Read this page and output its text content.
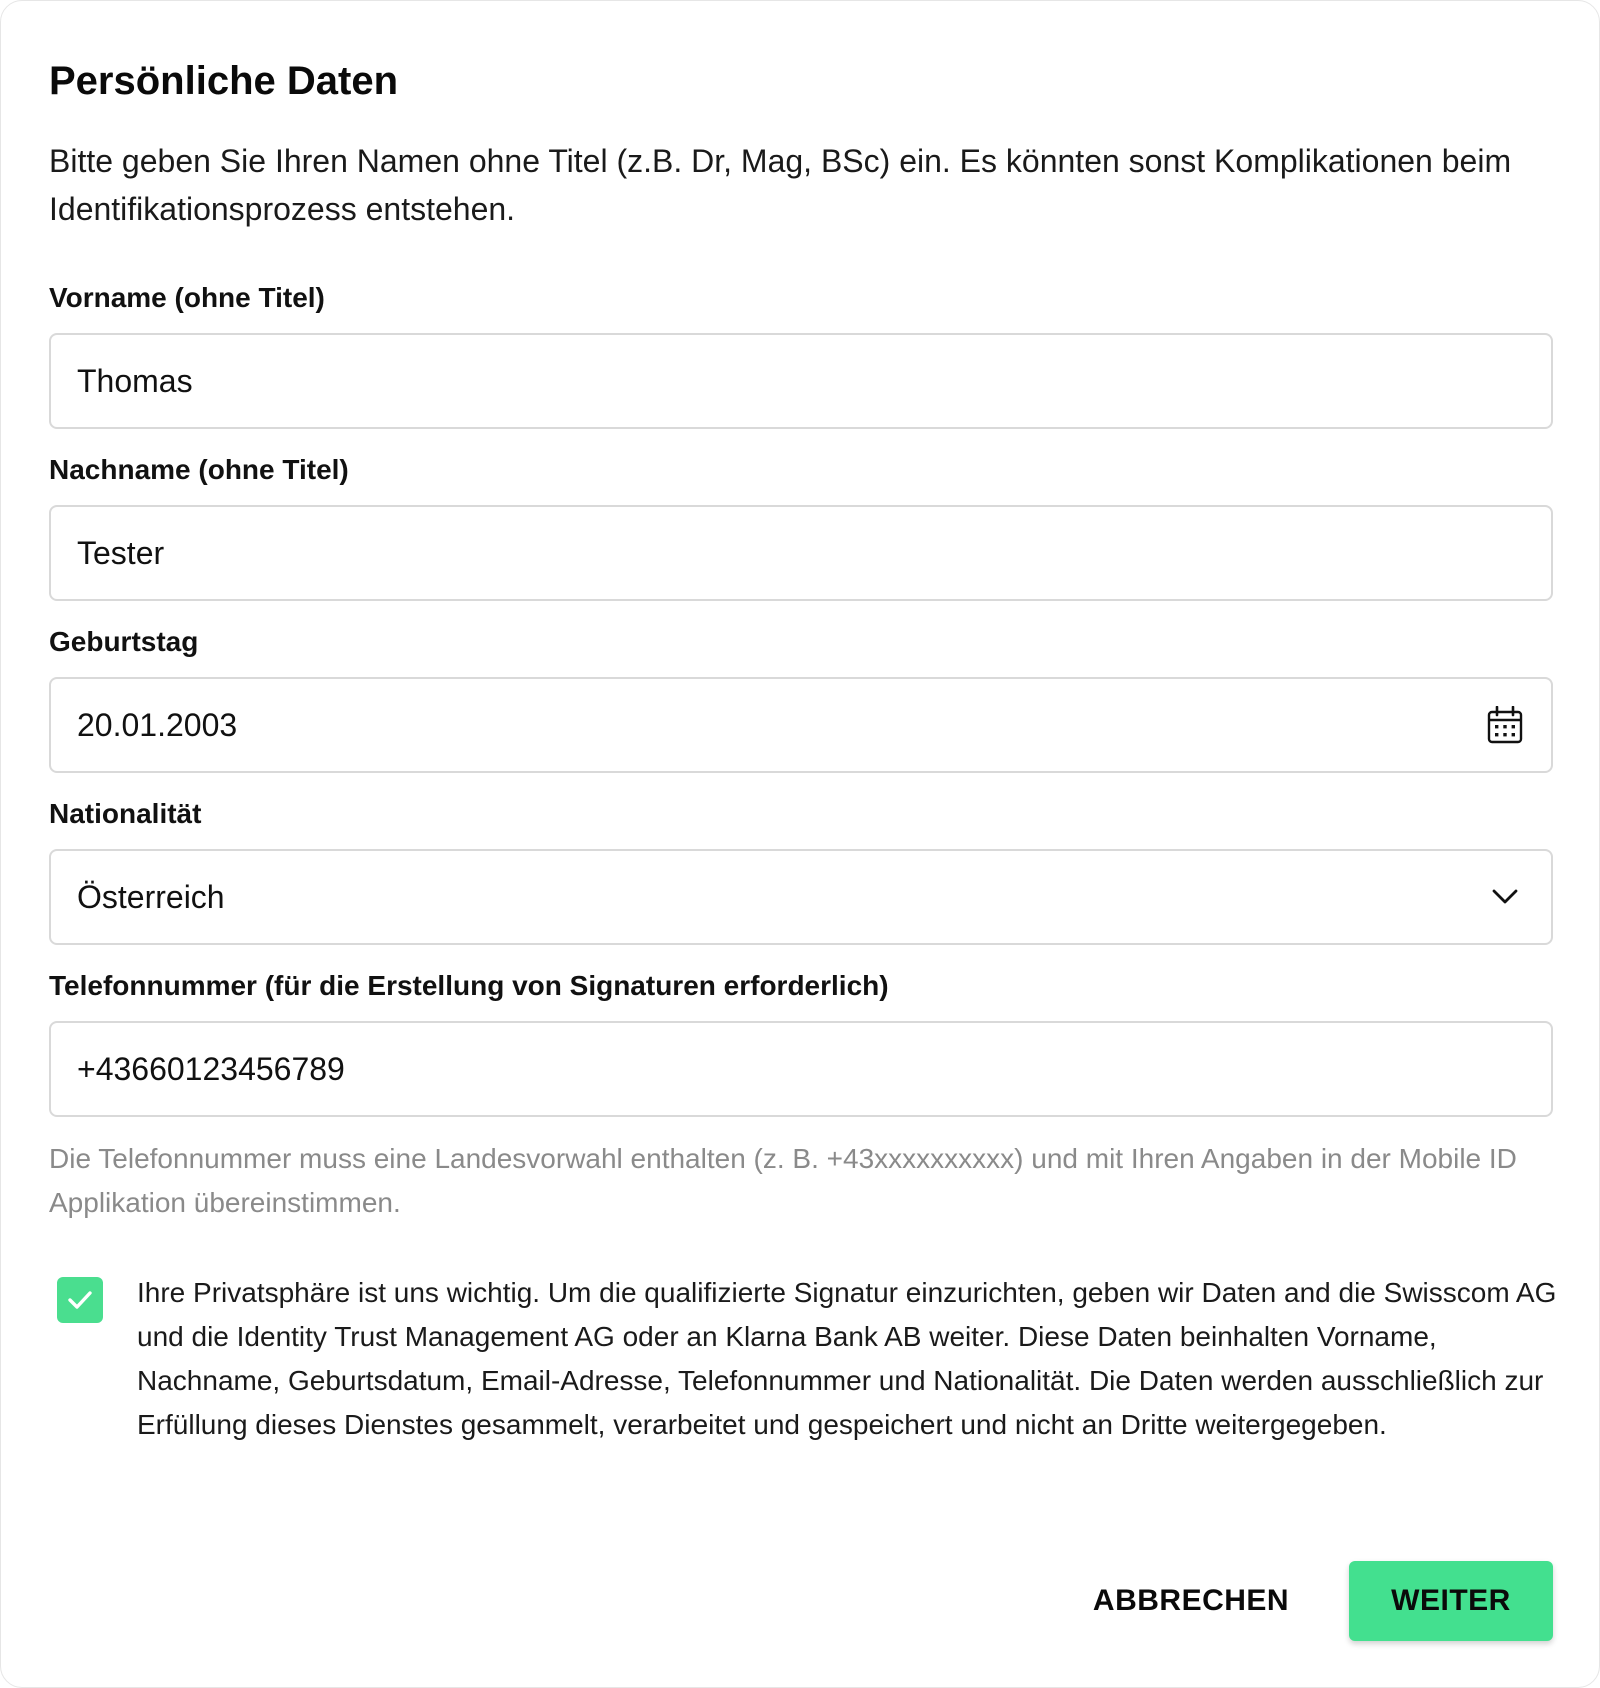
Persönliche Daten

Bitte geben Sie Ihren Namen ohne Titel (z.B. Dr, Mag, BSc) ein. Es könnten sonst Komplikationen beim Identifikationsprozess entstehen.

Vorname (ohne Titel)
Thomas
Nachname (ohne Titel)
Tester
Geburtstag
20.01.2003
Nationalität
Österreich
Telefonnummer (für die Erstellung von Signaturen erforderlich)
+43660123456789

Die Telefonnummer muss eine Landesvorwahl enthalten (z. B. +43xxxxxxxxxx) und mit Ihren Angaben in der Mobile ID Applikation übereinstimmen.

Ihre Privatsphäre ist uns wichtig. Um die qualifizierte Signatur einzurichten, geben wir Daten and die Swisscom AG und die Identity Trust Management AG oder an Klarna Bank AB weiter. Diese Daten beinhalten Vorname, Nachname, Geburtsdatum, Email-Adresse, Telefonnummer und Nationalität. Die Daten werden ausschließlich zur Erfüllung dieses Dienstes gesammelt, verarbeitet und gespeichert und nicht an Dritte weitergegeben.

ABBRECHEN	WEITER
